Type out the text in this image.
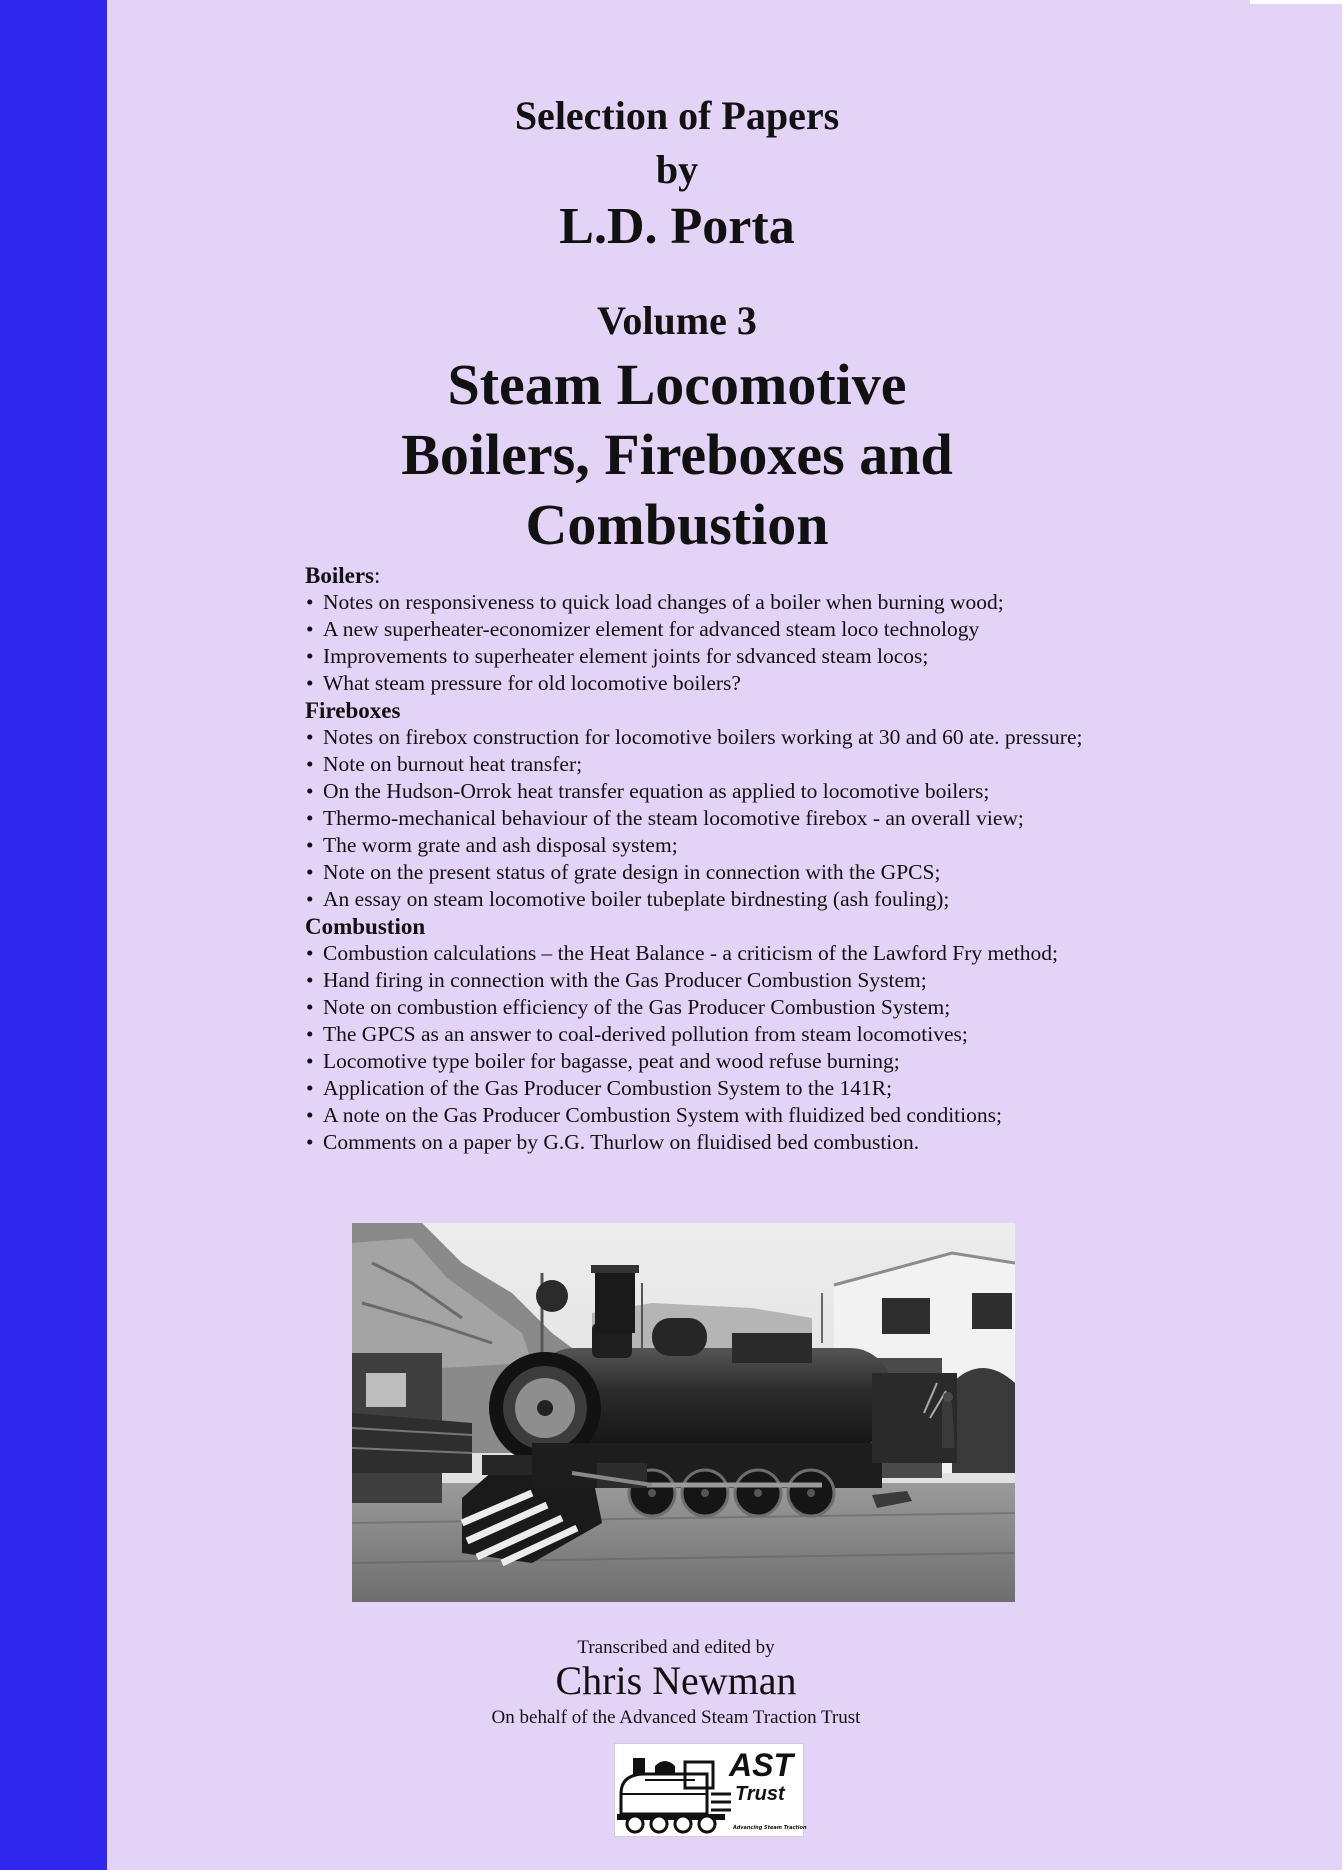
Selection of Papers
by
L.D. Porta
Volume 3
Steam Locomotive
Boilers, Fireboxes and
Combustion
Boilers:
• Notes on responsiveness to quick load changes of a boiler when burning wood;
• A new superheater-economizer element for advanced steam loco technology
• Improvements to superheater element joints for sdvanced steam locos;
• What steam pressure for old locomotive boilers?
Fireboxes
• Notes on firebox construction for locomotive boilers working at 30 and 60 ate. pressure;
• Note on burnout heat transfer;
• On the Hudson-Orrok heat transfer equation as applied to locomotive boilers;
• Thermo-mechanical behaviour of the steam locomotive firebox - an overall view;
• The worm grate and ash disposal system;
• Note on the present status of grate design in connection with the GPCS;
• An essay on steam locomotive boiler tubeplate birdnesting (ash fouling);
Combustion
• Combustion calculations – the Heat Balance - a criticism of the Lawford Fry method;
• Hand firing in connection with the Gas Producer Combustion System;
• Note on combustion efficiency of the Gas Producer Combustion System;
• The GPCS as an answer to coal-derived pollution from steam locomotives;
• Locomotive type boiler for bagasse, peat and wood refuse burning;
• Application of the Gas Producer Combustion System to the 141R;
• A note on the Gas Producer Combustion System with fluidized bed conditions;
• Comments on a paper by G.G. Thurlow on fluidised bed combustion.
Transcribed and edited by
Chris Newman
On behalf of the Advanced Steam Traction Trust
AST
Trust
Advancing Steam Traction
